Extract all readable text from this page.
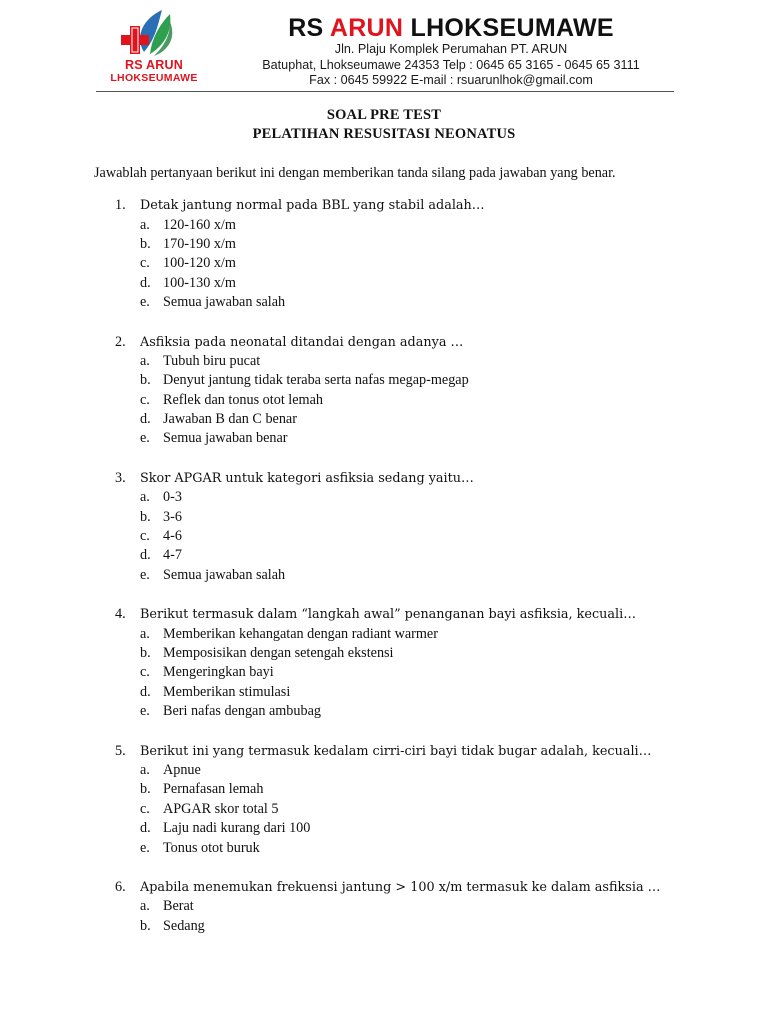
RS ARUN
LHOKSEUMAWE
RS ARUN LHOKSEUMAWE
Jln. Plaju Komplek Perumahan PT. ARUN
Batuphat, Lhokseumawe 24353 Telp : 0645 65 3165 - 0645 65 3111
Fax : 0645 59922 E-mail : rsuarunlhok@gmail.com
SOAL PRE TEST
PELATIHAN RESUSITASI NEONATUS
Jawablah pertanyaan berikut ini dengan memberikan tanda silang pada jawaban yang benar.
1.	Detak jantung normal pada BBL yang stabil adalah…
a. 120-160 x/m
b. 170-190 x/m
c. 100-120 x/m
d. 100-130 x/m
e. Semua jawaban salah
2.	Asfiksia pada neonatal ditandai dengan adanya …
a. Tubuh biru pucat
b. Denyut jantung tidak teraba serta nafas megap-megap
c. Reflek dan tonus otot lemah
d. Jawaban B dan C benar
e. Semua jawaban benar
3.	Skor APGAR untuk kategori asfiksia sedang yaitu…
a. 0-3
b. 3-6
c. 4-6
d. 4-7
e. Semua jawaban salah
4.	Berikut termasuk dalam “langkah awal” penanganan bayi asfiksia, kecuali…
a. Memberikan kehangatan dengan radiant warmer
b. Memposisikan dengan setengah ekstensi
c. Mengeringkan bayi
d. Memberikan stimulasi
e. Beri nafas dengan ambubag
5.	Berikut ini yang termasuk kedalam cirri-ciri bayi tidak bugar adalah, kecuali…
a. Apnue
b. Pernafasan lemah
c. APGAR skor total 5
d. Laju nadi kurang dari 100
e. Tonus otot buruk
6.	Apabila menemukan frekuensi jantung > 100 x/m termasuk ke dalam asfiksia …
a. Berat
b. Sedang
